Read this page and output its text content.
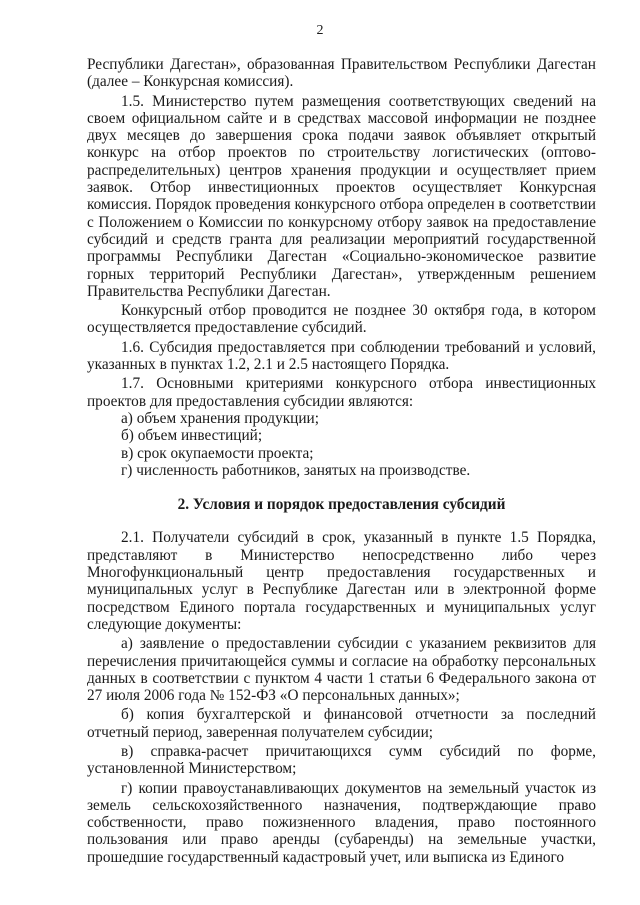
2

Республики Дагестан», образованная Правительством Республики Дагестан (далее – Конкурсная комиссия).

1.5. Министерство путем размещения соответствующих сведений на своем официальном сайте и в средствах массовой информации не позднее двух месяцев до завершения срока подачи заявок объявляет открытый конкурс на отбор проектов по строительству логистических (оптово-распределительных) центров хранения продукции и осуществляет прием заявок. Отбор инвестиционных проектов осуществляет Конкурсная комиссия. Порядок проведения конкурсного отбора определен в соответствии с Положением о Комиссии по конкурсному отбору заявок на предоставление субсидий и средств гранта для реализации мероприятий государственной программы Республики Дагестан «Социально-экономическое развитие горных территорий Республики Дагестан», утвержденным решением Правительства Республики Дагестан.

Конкурсный отбор проводится не позднее 30 октября года, в котором осуществляется предоставление субсидий.

1.6. Субсидия предоставляется при соблюдении требований и условий, указанных в пунктах 1.2, 2.1 и 2.5 настоящего Порядка.

1.7. Основными критериями конкурсного отбора инвестиционных проектов для предоставления субсидии являются:

а) объем хранения продукции;

б) объем инвестиций;

в) срок окупаемости проекта;

г) численность работников, занятых на производстве.

2. Условия и порядок предоставления субсидий

2.1. Получатели субсидий в срок, указанный в пункте 1.5 Порядка, представляют в Министерство непосредственно либо через Многофункциональный центр предоставления государственных и муниципальных услуг в Республике Дагестан или в электронной форме посредством Единого портала государственных и муниципальных услуг следующие документы:

а) заявление о предоставлении субсидии с указанием реквизитов для перечисления причитающейся суммы и согласие на обработку персональных данных в соответствии с пунктом 4 части 1 статьи 6 Федерального закона от 27 июля 2006 года № 152-ФЗ «О персональных данных»;

б) копия бухгалтерской и финансовой отчетности за последний отчетный период, заверенная получателем субсидии;

в) справка-расчет причитающихся сумм субсидий по форме, установленной Министерством;

г) копии правоустанавливающих документов на земельный участок из земель сельскохозяйственного назначения, подтверждающие право собственности, право пожизненного владения, право постоянного пользования или право аренды (субаренды) на земельные участки, прошедшие государственный кадастровый учет, или выписка из Единого
